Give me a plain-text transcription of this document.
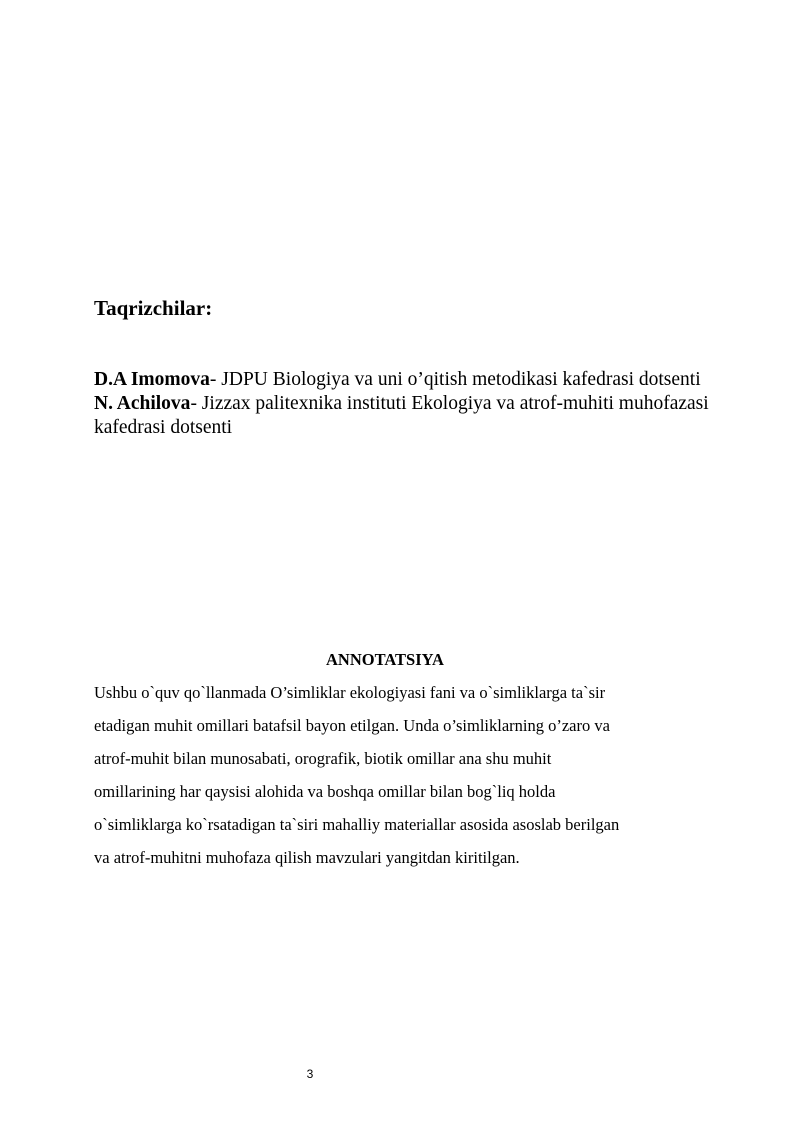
Taqrizchilar:

D.A Imomova- JDPU Biologiya va uni o’qitish metodikasi kafedrasi dotsenti

N. Achilova- Jizzax palitexnika instituti Ekologiya va atrof-muhiti muhofazasi kafedrasi dotsenti

ANNOTATSIYA
Ushbu o`quv qo`llanmada O’simliklar ekologiyasi fani va o`simliklarga ta`sir
etadigan muhit omillari batafsil bayon etilgan. Unda o’simliklarning o’zaro va
atrof-muhit bilan munosabati, orografik, biotik omillar ana shu muhit
omillarining har qaysisi alohida va boshqa omillar bilan bog`liq holda
o`simliklarga ko`rsatadigan ta`siri mahalliy materiallar asosida asoslab berilgan
va atrof-muhitni muhofaza qilish mavzulari yangitdan kiritilgan.
3
